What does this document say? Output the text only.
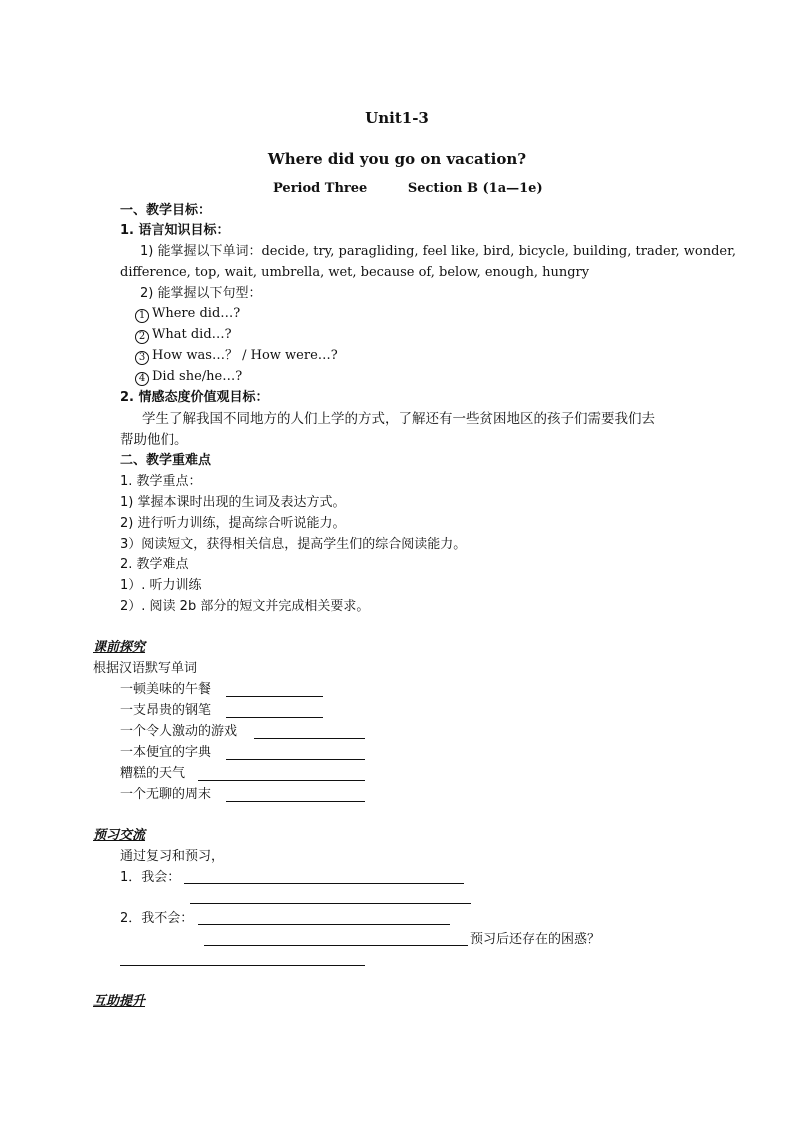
Unit1-3
Where did you go on vacation?
Period Three	Section B (1a—1e)
一、教学目标：
1. 语言知识目标：
1) 能掌握以下单词：decide, try, paragliding, feel like, bird, bicycle, building, trader, wonder,
difference, top, wait, umbrella, wet, because of, below, enough, hungry
2) 能掌握以下句型：
1 Where did…?
2 What did…?
3 How was…？ / How were…?
4 Did she/he…?
2. 情感态度价值观目标：
学生了解我国不同地方的人们上学的方式，了解还有一些贫困地区的孩子们需要我们去
帮助他们。
二、教学重难点
1. 教学重点：
1) 掌握本课时出现的生词及表达方式。
2) 进行听力训练，提高综合听说能力。
3）阅读短文，获得相关信息，提高学生们的综合阅读能力。
2. 教学难点
1）. 听力训练
2）. 阅读 2b 部分的短文并完成相关要求。
课前探究
根据汉语默写单词
一顿美味的午餐
一支昂贵的钢笔
一个令人激动的游戏
一本便宜的字典
糟糕的天气
一个无聊的周末
预习交流
通过复习和预习，
1．我会：
2．我不会：
预习后还存在的困惑？
互助提升
